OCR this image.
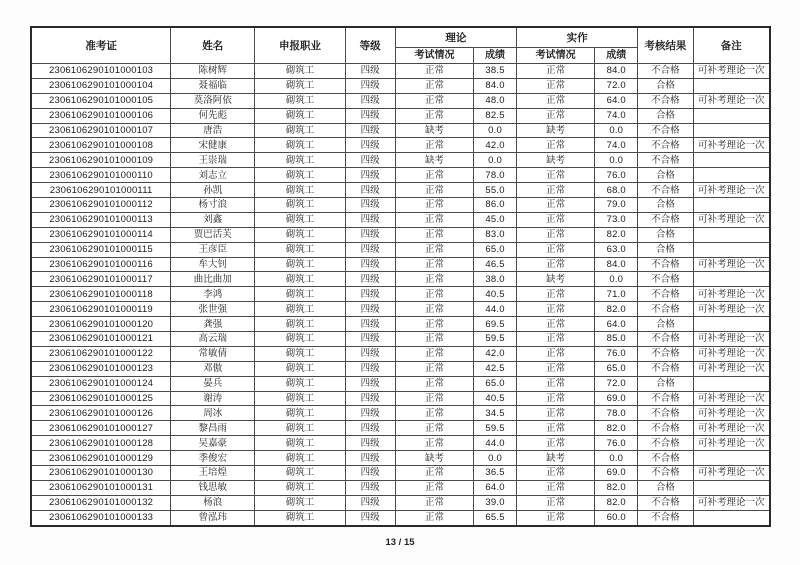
准考证	姓名	申报职业	等级	理论		实作		考核结果	备注
				考试情况	成绩	考试情况	成绩		
2306106290101000103	陈树辉	砌筑工	四级	正常	38.5	正常	84.0	不合格	可补考理论一次
2306106290101000104	聂福临	砌筑工	四级	正常	84.0	正常	72.0	合格	
2306106290101000105	莫洛阿依	砌筑工	四级	正常	48.0	正常	64.0	不合格	可补考理论一次
2306106290101000106	何先彪	砌筑工	四级	正常	82.5	正常	74.0	合格	
2306106290101000107	唐浩	砌筑工	四级	缺考	0.0	缺考	0.0	不合格	
2306106290101000108	宋健康	砌筑工	四级	正常	42.0	正常	74.0	不合格	可补考理论一次
2306106290101000109	王崇瑞	砌筑工	四级	缺考	0.0	缺考	0.0	不合格	
2306106290101000110	刘志立	砌筑工	四级	正常	78.0	正常	76.0	合格	
2306106290101000111	孙凯	砌筑工	四级	正常	55.0	正常	68.0	不合格	可补考理论一次
2306106290101000112	杨寸浪	砌筑工	四级	正常	86.0	正常	79.0	合格	
2306106290101000113	刘鑫	砌筑工	四级	正常	45.0	正常	73.0	不合格	可补考理论一次
2306106290101000114	贾巴活芙	砌筑工	四级	正常	83.0	正常	82.0	合格	
2306106290101000115	王彦臣	砌筑工	四级	正常	65.0	正常	63.0	合格	
2306106290101000116	牟大钊	砌筑工	四级	正常	46.5	正常	84.0	不合格	可补考理论一次
2306106290101000117	曲比曲加	砌筑工	四级	正常	38.0	缺考	0.0	不合格	
2306106290101000118	李鸿	砌筑工	四级	正常	40.5	正常	71.0	不合格	可补考理论一次
2306106290101000119	张世强	砌筑工	四级	正常	44.0	正常	82.0	不合格	可补考理论一次
2306106290101000120	龚强	砌筑工	四级	正常	69.5	正常	64.0	合格	
2306106290101000121	高云瑞	砌筑工	四级	正常	59.5	正常	85.0	不合格	可补考理论一次
2306106290101000122	常敏倩	砌筑工	四级	正常	42.0	正常	76.0	不合格	可补考理论一次
2306106290101000123	邓傲	砌筑工	四级	正常	42.5	正常	65.0	不合格	可补考理论一次
2306106290101000124	晏兵	砌筑工	四级	正常	65.0	正常	72.0	合格	
2306106290101000125	谢涛	砌筑工	四级	正常	40.5	正常	69.0	不合格	可补考理论一次
2306106290101000126	周冰	砌筑工	四级	正常	34.5	正常	78.0	不合格	可补考理论一次
2306106290101000127	黎昌雨	砌筑工	四级	正常	59.5	正常	82.0	不合格	可补考理论一次
2306106290101000128	吴嘉豪	砌筑工	四级	正常	44.0	正常	76.0	不合格	可补考理论一次
2306106290101000129	季俊宏	砌筑工	四级	缺考	0.0	缺考	0.0	不合格	
2306106290101000130	王培煌	砌筑工	四级	正常	36.5	正常	69.0	不合格	可补考理论一次
2306106290101000131	钱思敏	砌筑工	四级	正常	64.0	正常	82.0	合格	
2306106290101000132	杨浪	砌筑工	四级	正常	39.0	正常	82.0	不合格	可补考理论一次
2306106290101000133	曾泓玮	砌筑工	四级	正常	65.5	正常	60.0	不合格	
13 / 15
